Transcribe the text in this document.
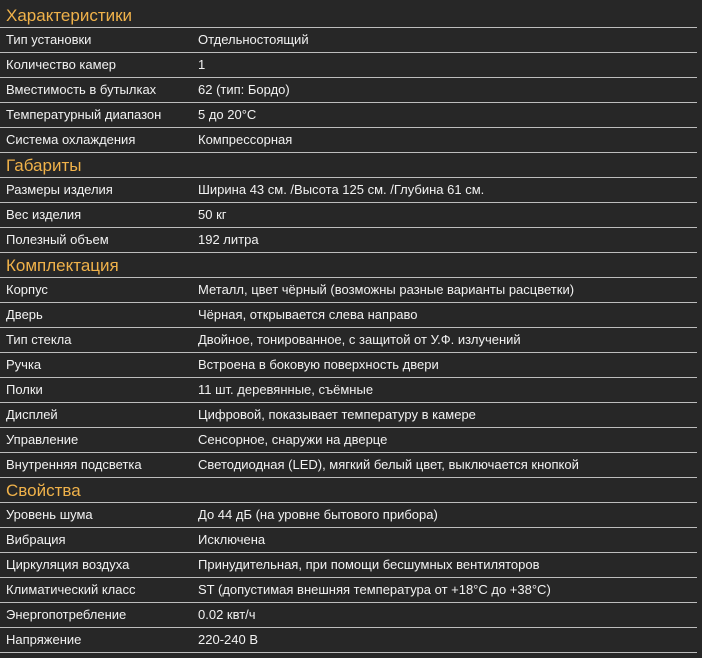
Характеристики
Тип установки	Отдельностоящий
Количество камер	1
Вместимость в бутылках	62 (тип: Бордо)
Температурный диапазон	5 до 20°C
Система охлаждения	Компрессорная
Габариты
Размеры изделия	Ширина 43 см. /Высота 125 см. /Глубина 61 см.
Вес изделия	50 кг
Полезный объем	192 литра
Комплектация
Корпус	Металл, цвет чёрный (возможны разные варианты расцветки)
Дверь	Чёрная, открывается слева направо
Тип стекла	Двойное, тонированное, с защитой от У.Ф. излучений
Ручка	Встроена в боковую поверхность двери
Полки	11 шт. деревянные, съёмные
Дисплей	Цифровой, показывает температуру в камере
Управление	Сенсорное, снаружи на дверце
Внутренняя подсветка	Светодиодная (LED), мягкий белый цвет, выключается кнопкой
Свойства
Уровень шума	До 44 дБ (на уровне бытового прибора)
Вибрация	Исключена
Циркуляция воздуха	Принудительная, при помощи бесшумных вентиляторов
Климатический класс	ST (допустимая внешняя температура от +18°C до +38°C)
Энергопотребление	0.02 квт/ч
Напряжение	220-240 В
